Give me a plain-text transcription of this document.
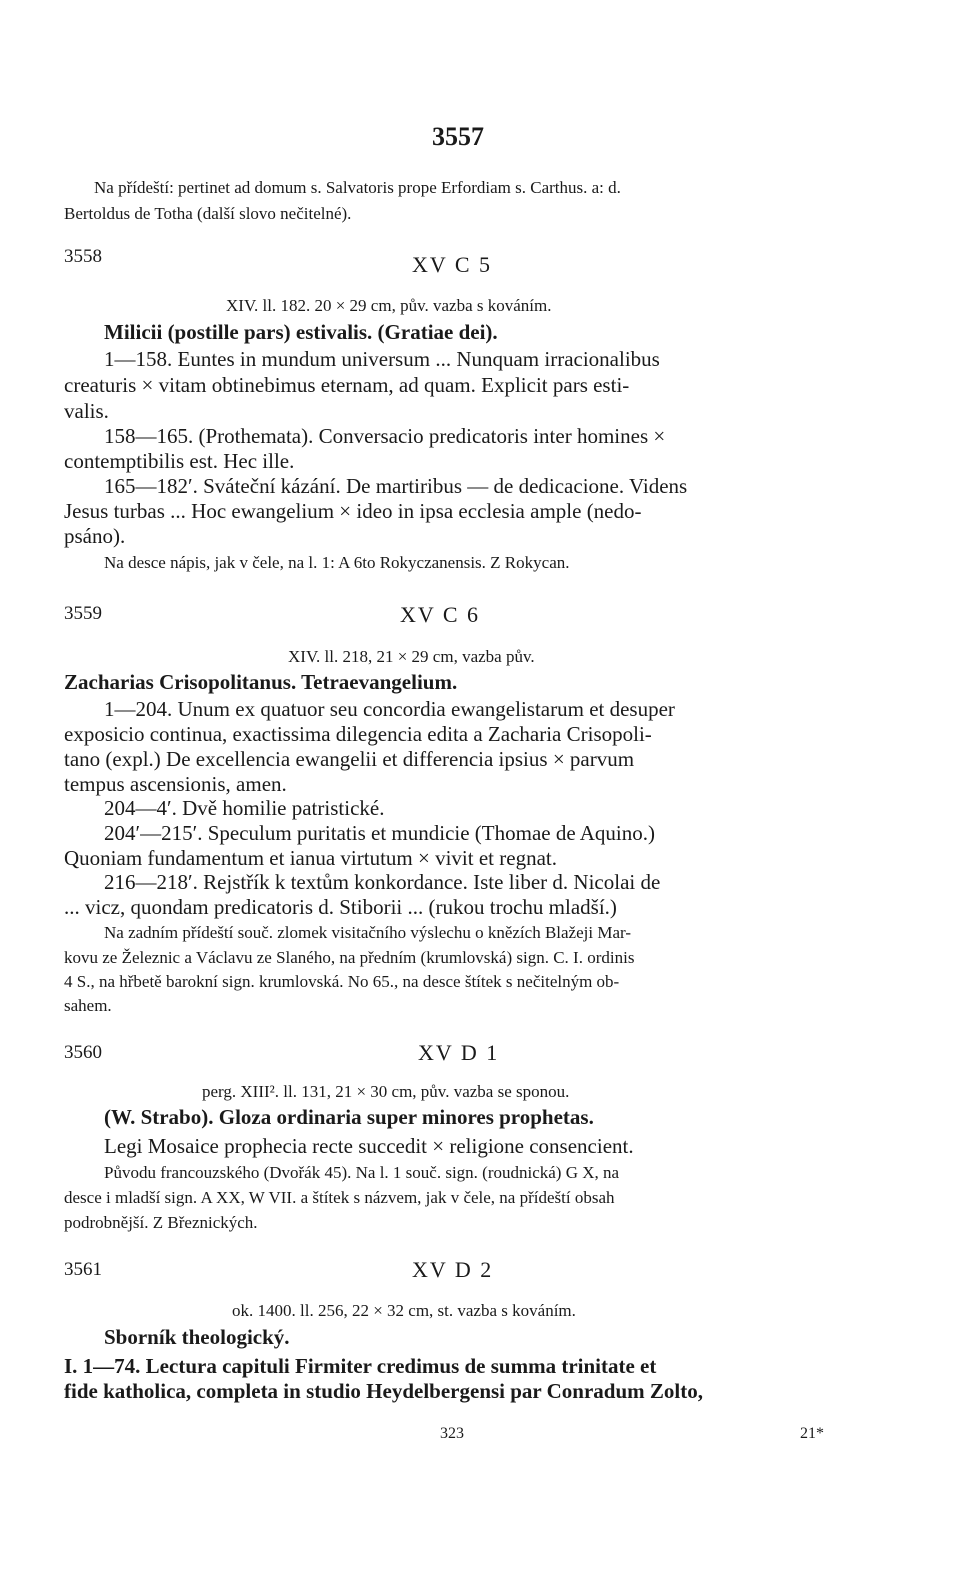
3557
Na přídeští: pertinet ad domum s. Salvatoris prope Erfordiam s. Carthus. a: d.
Bertoldus de Totha (další slovo nečitelné).
3558	XV C 5
XIV. ll. 182. 20 × 29 cm, pův. vazba s kováním.
Milicii (postille pars) estivalis. (Gratiae dei).
1—158. Euntes in mundum universum ... Nunquam irracionalibus
creaturis × vitam obtinebimus eternam, ad quam. Explicit pars esti-
valis.
158—165. (Prothemata). Conversacio predicatoris inter homines ×
contemptibilis est. Hec ille.
165—182′. Sváteční kázání. De martiribus — de dedicacione. Videns
Jesus turbas ... Hoc ewangelium × ideo in ipsa ecclesia ample (nedo-
psáno).
Na desce nápis, jak v čele, na l. 1: A 6to Rokyczanensis. Z Rokycan.
3559	XV C 6
XIV. ll. 218, 21 × 29 cm, vazba pův.
Zacharias Crisopolitanus. Tetraevangelium.
1—204. Unum ex quatuor seu concordia ewangelistarum et desuper
exposicio continua, exactissima dilegencia edita a Zacharia Crisopoli-
tano (expl.) De excellencia ewangelii et differencia ipsius × parvum
tempus ascensionis, amen.
204—4′. Dvě homilie patristické.
204′—215′. Speculum puritatis et mundicie (Thomae de Aquino.)
Quoniam fundamentum et ianua virtutum × vivit et regnat.
216—218′. Rejstřík k textům konkordance. Iste liber d. Nicolai de
... vicz, quondam predicatoris d. Stiborii ... (rukou trochu mladší.)
Na zadním přídeští souč. zlomek visitačního výslechu o knězích Blažeji Mar-
kovu ze Železnic a Václavu ze Slaného, na předním (krumlovská) sign. C. I. ordinis
4 S., na hřbetě barokní sign. krumlovská. No 65., na desce štítek s nečitelným ob-
sahem.
3560	XV D 1
perg. XIII². ll. 131, 21 × 30 cm, pův. vazba se sponou.
(W. Strabo). Gloza ordinaria super minores prophetas.
Legi Mosaice prophecia recte succedit × religione consencient.
Původu francouzského (Dvořák 45). Na l. 1 souč. sign. (roudnická) G X, na
desce i mladší sign. A XX, W VII. a štítek s názvem, jak v čele, na přídeští obsah
podrobnější. Z Březnických.
3561	XV D 2
ok. 1400. ll. 256, 22 × 32 cm, st. vazba s kováním.
Sborník theologický.
I. 1—74. Lectura capituli Firmiter credimus de summa trinitate et
fide katholica, completa in studio Heydelbergensi par Conradum Zolto,
323	21*
